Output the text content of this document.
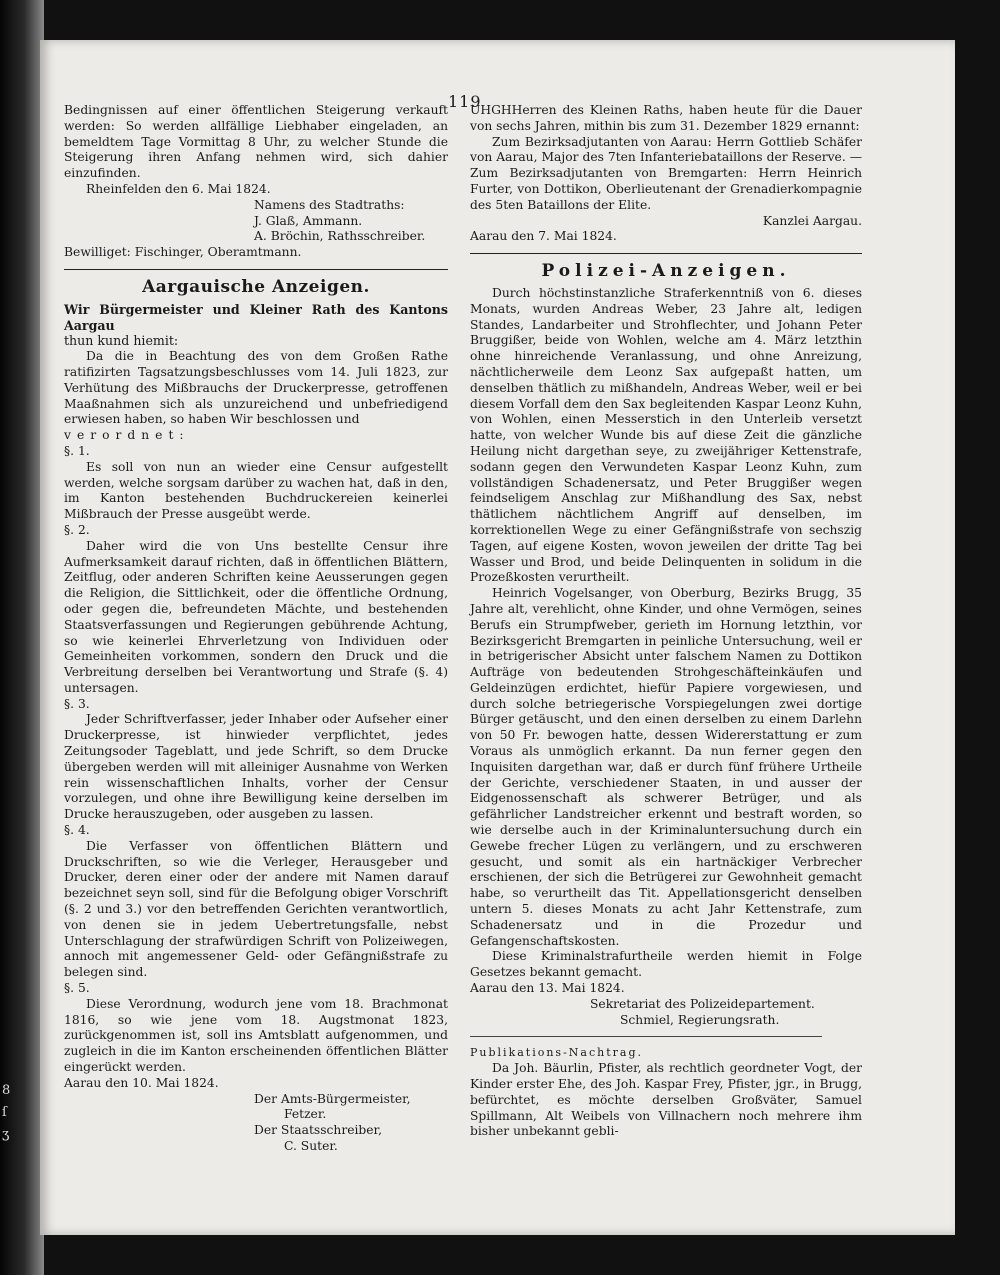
8
ſ
ʒ
119

Bedingnissen auf einer öffentlichen Steigerung verkauft werden: So werden allfällige Liebhaber eingeladen, an bemeldtem Tage Vormittag 8 Uhr, zu welcher Stunde die Steigerung ihren Anfang nehmen wird, sich dahier einzufinden.

Rheinfelden den 6. Mai 1824.

Namens des Stadtraths:

J. Glaß, Ammann.

A. Bröchin, Rathsschreiber.

Bewilliget: Fischinger, Oberamtmann.

Aargauische Anzeigen.

Wir Bürgermeister und Kleiner Rath des Kantons Aargau

thun kund hiemit:

Da die in Beachtung des von dem Großen Rathe ratifizirten Tagsatzungsbeschlusses vom 14. Juli 1823, zur Verhütung des Mißbrauchs der Druckerpresse, getroffenen Maaßnahmen sich als unzureichend und unbefriedigend erwiesen haben, so haben Wir beschlossen und

verordnet:

§. 1.

Es soll von nun an wieder eine Censur aufgestellt werden, welche sorgsam darüber zu wachen hat, daß in den, im Kanton bestehenden Buchdruckereien keinerlei Mißbrauch der Presse ausgeübt werde.

§. 2.

Daher wird die von Uns bestellte Censur ihre Aufmerksamkeit darauf richten, daß in öffentlichen Blättern, Zeitflug, oder anderen Schriften keine Aeusserungen gegen die Religion, die Sittlichkeit, oder die öffentliche Ordnung, oder gegen die, befreundeten Mächte, und bestehenden Staatsverfassungen und Regierungen gebührende Achtung, so wie keinerlei Ehrverletzung von Individuen oder Gemeinheiten vorkommen, sondern den Druck und die Verbreitung derselben bei Verantwortung und Strafe (§. 4) untersagen.

§. 3.

Jeder Schriftverfasser, jeder Inhaber oder Aufseher einer Druckerpresse, ist hinwieder verpflichtet, jedes Zeitungsoder Tageblatt, und jede Schrift, so dem Drucke übergeben werden will mit alleiniger Ausnahme von Werken rein wissenschaftlichen Inhalts, vorher der Censur vorzulegen, und ohne ihre Bewilligung keine derselben im Drucke herauszugeben, oder ausgeben zu lassen.

§. 4.

Die Verfasser von öffentlichen Blättern und Druckschriften, so wie die Verleger, Herausgeber und Drucker, deren einer oder der andere mit Namen darauf bezeichnet seyn soll, sind für die Befolgung obiger Vorschrift (§. 2 und 3.) vor den betreffenden Gerichten verantwortlich, von denen sie in jedem Uebertretungsfalle, nebst Unterschlagung der strafwürdigen Schrift von Polizeiwegen, annoch mit angemessener Geld- oder Gefängnißstrafe zu belegen sind.

§. 5.

Diese Verordnung, wodurch jene vom 18. Brachmonat 1816, so wie jene vom 18. Augstmonat 1823, zurückgenommen ist, soll ins Amtsblatt aufgenommen, und zugleich in die im Kanton erscheinenden öffentlichen Blätter eingerückt werden.

Aarau den 10. Mai 1824.

Der Amts-Bürgermeister,

Fetzer.

Der Staatsschreiber,

C. Suter.

UHGHHerren des Kleinen Raths, haben heute für die Dauer von sechs Jahren, mithin bis zum 31. Dezember 1829 ernannt:

Zum Bezirksadjutanten von Aarau: Herrn Gottlieb Schäfer von Aarau, Major des 7ten Infanteriebataillons der Reserve. — Zum Bezirksadjutanten von Bremgarten: Herrn Heinrich Furter, von Dottikon, Oberlieutenant der Grenadierkompagnie des 5ten Bataillons der Elite.

Kanzlei Aargau.

Aarau den 7. Mai 1824.

Polizei-Anzeigen.

Durch höchstinstanzliche Straferkenntniß von 6. dieses Monats, wurden Andreas Weber, 23 Jahre alt, ledigen Standes, Landarbeiter und Strohflechter, und Johann Peter Bruggißer, beide von Wohlen, welche am 4. März letzthin ohne hinreichende Veranlassung, und ohne Anreizung, nächtlicherweile dem Leonz Sax aufgepaßt hatten, um denselben thätlich zu mißhandeln, Andreas Weber, weil er bei diesem Vorfall dem den Sax begleitenden Kaspar Leonz Kuhn, von Wohlen, einen Messerstich in den Unterleib versetzt hatte, von welcher Wunde bis auf diese Zeit die gänzliche Heilung nicht dargethan seye, zu zweijähriger Kettenstrafe, sodann gegen den Verwundeten Kaspar Leonz Kuhn, zum vollständigen Schadenersatz, und Peter Bruggißer wegen feindseligem Anschlag zur Mißhandlung des Sax, nebst thätlichem nächtlichem Angriff auf denselben, im korrektionellen Wege zu einer Gefängnißstrafe von sechszig Tagen, auf eigene Kosten, wovon jeweilen der dritte Tag bei Wasser und Brod, und beide Delinquenten in solidum in die Prozeßkosten verurtheilt.

Heinrich Vogelsanger, von Oberburg, Bezirks Brugg, 35 Jahre alt, verehlicht, ohne Kinder, und ohne Vermögen, seines Berufs ein Strumpfweber, gerieth im Hornung letzthin, vor Bezirksgericht Bremgarten in peinliche Untersuchung, weil er in betrigerischer Absicht unter falschem Namen zu Dottikon Aufträge von bedeutenden Strohgeschäfteinkäufen und Geldeinzügen erdichtet, hiefür Papiere vorgewiesen, und durch solche betriegerische Vorspiegelungen zwei dortige Bürger getäuscht, und den einen derselben zu einem Darlehn von 50 Fr. bewogen hatte, dessen Widererstattung er zum Voraus als unmöglich erkannt. Da nun ferner gegen den Inquisiten dargethan war, daß er durch fünf frühere Urtheile der Gerichte, verschiedener Staaten, in und ausser der Eidgenossenschaft als schwerer Betrüger, und als gefährlicher Landstreicher erkennt und bestraft worden, so wie derselbe auch in der Kriminaluntersuchung durch ein Gewebe frecher Lügen zu verlängern, und zu erschweren gesucht, und somit als ein hartnäckiger Verbrecher erschienen, der sich die Betrügerei zur Gewohnheit gemacht habe, so verurtheilt das Tit. Appellationsgericht denselben untern 5. dieses Monats zu acht Jahr Kettenstrafe, zum Schadenersatz und in die Prozedur und Gefangenschaftskosten.

Diese Kriminalstrafurtheile werden hiemit in Folge Gesetzes bekannt gemacht.

Aarau den 13. Mai 1824.

Sekretariat des Polizeidepartement.

Schmiel, Regierungsrath.

Publikations-Nachtrag.

Da Joh. Bäurlin, Pfister, als rechtlich geordneter Vogt, der Kinder erster Ehe, des Joh. Kaspar Frey, Pfister, jgr., in Brugg, befürchtet, es möchte derselben Großväter, Samuel Spillmann, Alt Weibels von Villnachern noch mehrere ihm bisher unbekannt gebli-
